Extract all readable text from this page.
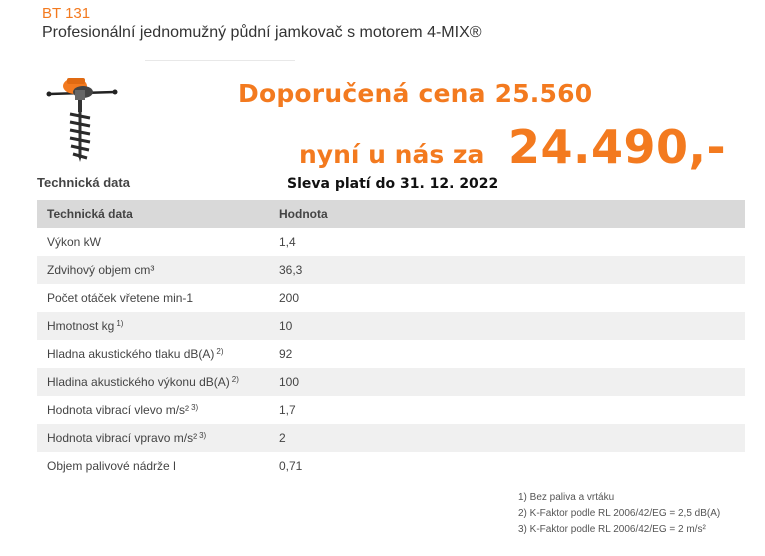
BT 131
Profesionální jednomužný půdní jamkovač s motorem 4-MIX®
Doporučená cena 25.560
nyní u nás za 24.490,-
Sleva platí do 31. 12. 2022
Technická data
Technická data	Hodnota
Výkon kW	1,4
Zdvihový objem cm³	36,3
Počet otáček vřetene min-1	200
Hmotnost kg $^{1)}$	10
Hladna akustického tlaku dB(A) $^{2)}$	92
Hladina akustického výkonu dB(A) $^{2)}$	100
Hodnota vibrací vlevo m/s² $^{3)}$	1,7
Hodnota vibrací vpravo m/s² $^{3)}$	2
Objem palivové nádrže l	0,71
1) Bez paliva a vrtáku
2) K-Faktor podle RL 2006/42/EG = 2,5 dB(A)
3) K-Faktor podle RL 2006/42/EG = 2 m/s²
